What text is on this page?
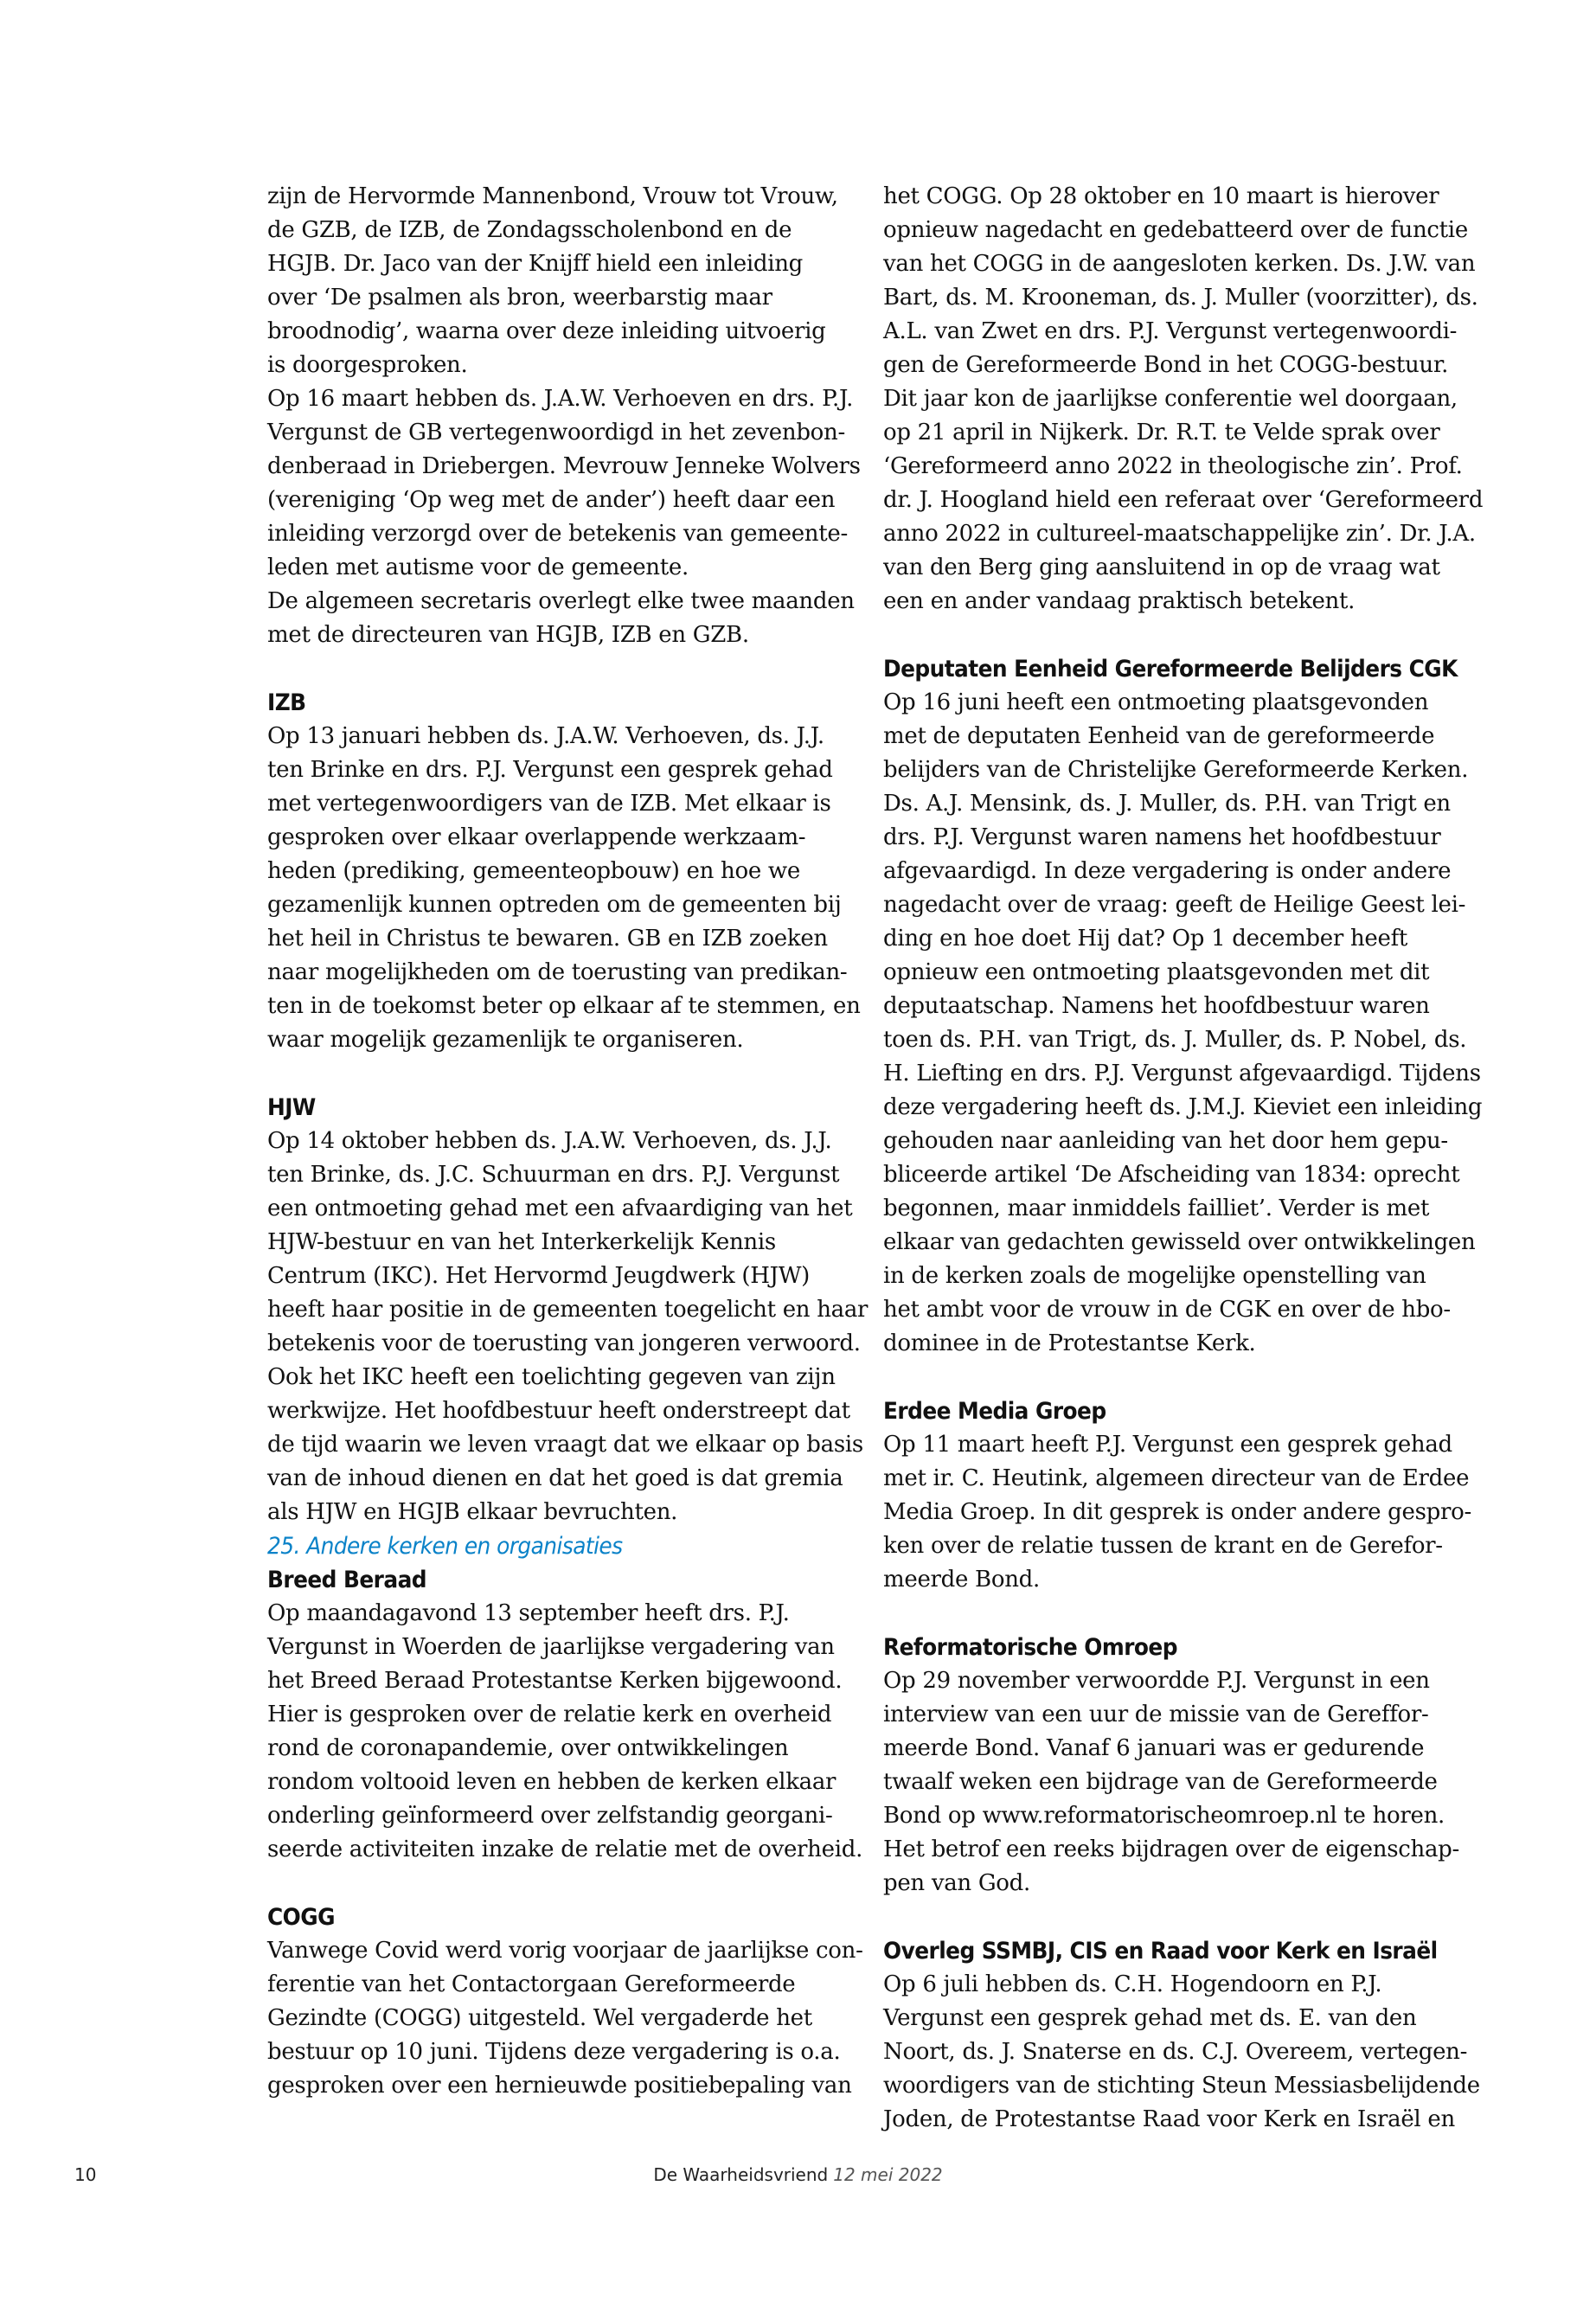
zijn de Hervormde Mannenbond, Vrouw tot Vrouw,

de GZB, de IZB, de Zondagsscholenbond en de

HGJB. Dr. Jaco van der Knijff hield een inleiding

over ‘De psalmen als bron, weerbarstig maar

broodnodig’, waarna over deze inleiding uitvoerig

is doorgesproken.

Op 16 maart hebben ds. J.A.W. Verhoeven en drs. P.J.

Vergunst de GB vertegenwoordigd in het zevenbon-

denberaad in Driebergen. Mevrouw Jenneke Wolvers

(vereniging ‘Op weg met de ander’) heeft daar een

inleiding verzorgd over de betekenis van gemeente-

leden met autisme voor de gemeente.

De algemeen secretaris overlegt elke twee maanden

met de directeuren van HGJB, IZB en GZB.

IZB

Op 13 januari hebben ds. J.A.W. Verhoeven, ds. J.J.

ten Brinke en drs. P.J. Vergunst een gesprek gehad

met vertegenwoordigers van de IZB. Met elkaar is

gesproken over elkaar overlappende werkzaam-

heden (prediking, gemeenteopbouw) en hoe we

gezamenlijk kunnen optreden om de gemeenten bij

het heil in Christus te bewaren. GB en IZB zoeken

naar mogelijkheden om de toerusting van predikan-

ten in de toekomst beter op elkaar af te stemmen, en

waar mogelijk gezamenlijk te organiseren.

HJW

Op 14 oktober hebben ds. J.A.W. Verhoeven, ds. J.J.

ten Brinke, ds. J.C. Schuurman en drs. P.J. Vergunst

een ontmoeting gehad met een afvaardiging van het

HJW-bestuur en van het Interkerkelijk Kennis

Centrum (IKC). Het Hervormd Jeugdwerk (HJW)

heeft haar positie in de gemeenten toegelicht en haar

betekenis voor de toerusting van jongeren verwoord.

Ook het IKC heeft een toelichting gegeven van zijn

werkwijze. Het hoofdbestuur heeft onderstreept dat

de tijd waarin we leven vraagt dat we elkaar op basis

van de inhoud dienen en dat het goed is dat gremia

als HJW en HGJB elkaar bevruchten.

25. Andere kerken en organisaties

Breed Beraad

Op maandagavond 13 september heeft drs. P.J.

Vergunst in Woerden de jaarlijkse vergadering van

het Breed Beraad Protestantse Kerken bijgewoond.

Hier is gesproken over de relatie kerk en overheid

rond de coronapandemie, over ontwikkelingen

rondom voltooid leven en hebben de kerken elkaar

onderling geïnformeerd over zelfstandig georgani-

seerde activiteiten inzake de relatie met de overheid.

COGG

Vanwege Covid werd vorig voorjaar de jaarlijkse con-

ferentie van het Contactorgaan Gereformeerde

Gezindte (COGG) uitgesteld. Wel vergaderde het

bestuur op 10 juni. Tijdens deze vergadering is o.a.

gesproken over een hernieuwde positiebepaling van

het COGG. Op 28 oktober en 10 maart is hierover

opnieuw nagedacht en gedebatteerd over de functie

van het COGG in de aangesloten kerken. Ds. J.W. van

Bart, ds. M. Krooneman, ds. J. Muller (voorzitter), ds.

A.L. van Zwet en drs. P.J. Vergunst vertegenwoordi-

gen de Gereformeerde Bond in het COGG-bestuur.

Dit jaar kon de jaarlijkse conferentie wel doorgaan,

op 21 april in Nijkerk. Dr. R.T. te Velde sprak over

‘Gereformeerd anno 2022 in theologische zin’. Prof.

dr. J. Hoogland hield een referaat over ‘Gereformeerd

anno 2022 in cultureel-maatschappelijke zin’. Dr. J.A.

van den Berg ging aansluitend in op de vraag wat

een en ander vandaag praktisch betekent.

Deputaten Eenheid Gereformeerde Belijders CGK

Op 16 juni heeft een ontmoeting plaatsgevonden

met de deputaten Eenheid van de gereformeerde

belijders van de Christelijke Gereformeerde Kerken.

Ds. A.J. Mensink, ds. J. Muller, ds. P.H. van Trigt en

drs. P.J. Vergunst waren namens het hoofdbestuur

afgevaardigd. In deze vergadering is onder andere

nagedacht over de vraag: geeft de Heilige Geest lei-

ding en hoe doet Hij dat? Op 1 december heeft

opnieuw een ontmoeting plaatsgevonden met dit

deputaatschap. Namens het hoofdbestuur waren

toen ds. P.H. van Trigt, ds. J. Muller, ds. P. Nobel, ds.

H. Liefting en drs. P.J. Vergunst afgevaardigd. Tijdens

deze vergadering heeft ds. J.M.J. Kieviet een inleiding

gehouden naar aanleiding van het door hem gepu-

bliceerde artikel ‘De Afscheiding van 1834: oprecht

begonnen, maar inmiddels failliet’. Verder is met

elkaar van gedachten gewisseld over ontwikkelingen

in de kerken zoals de mogelijke openstelling van

het ambt voor de vrouw in de CGK en over de hbo-

dominee in de Protestantse Kerk.

Erdee Media Groep

Op 11 maart heeft P.J. Vergunst een gesprek gehad

met ir. C. Heutink, algemeen directeur van de Erdee

Media Groep. In dit gesprek is onder andere gespro-

ken over de relatie tussen de krant en de Gerefor-

meerde Bond.

Reformatorische Omroep

Op 29 november verwoordde P.J. Vergunst in een

interview van een uur de missie van de Gereffor-

meerde Bond. Vanaf 6 januari was er gedurende

twaalf weken een bijdrage van de Gereformeerde

Bond op www.reformatorischeomroep.nl te horen.

Het betrof een reeks bijdragen over de eigenschap-

pen van God.

Overleg SSMBJ, CIS en Raad voor Kerk en Israël

Op 6 juli hebben ds. C.H. Hogendoorn en P.J.

Vergunst een gesprek gehad met ds. E. van den

Noort, ds. J. Snaterse en ds. C.J. Overeem, vertegen-

woordigers van de stichting Steun Messiasbelijdende

Joden, de Protestantse Raad voor Kerk en Israël en

10	De Waarheidsvriend 12 mei 2022
